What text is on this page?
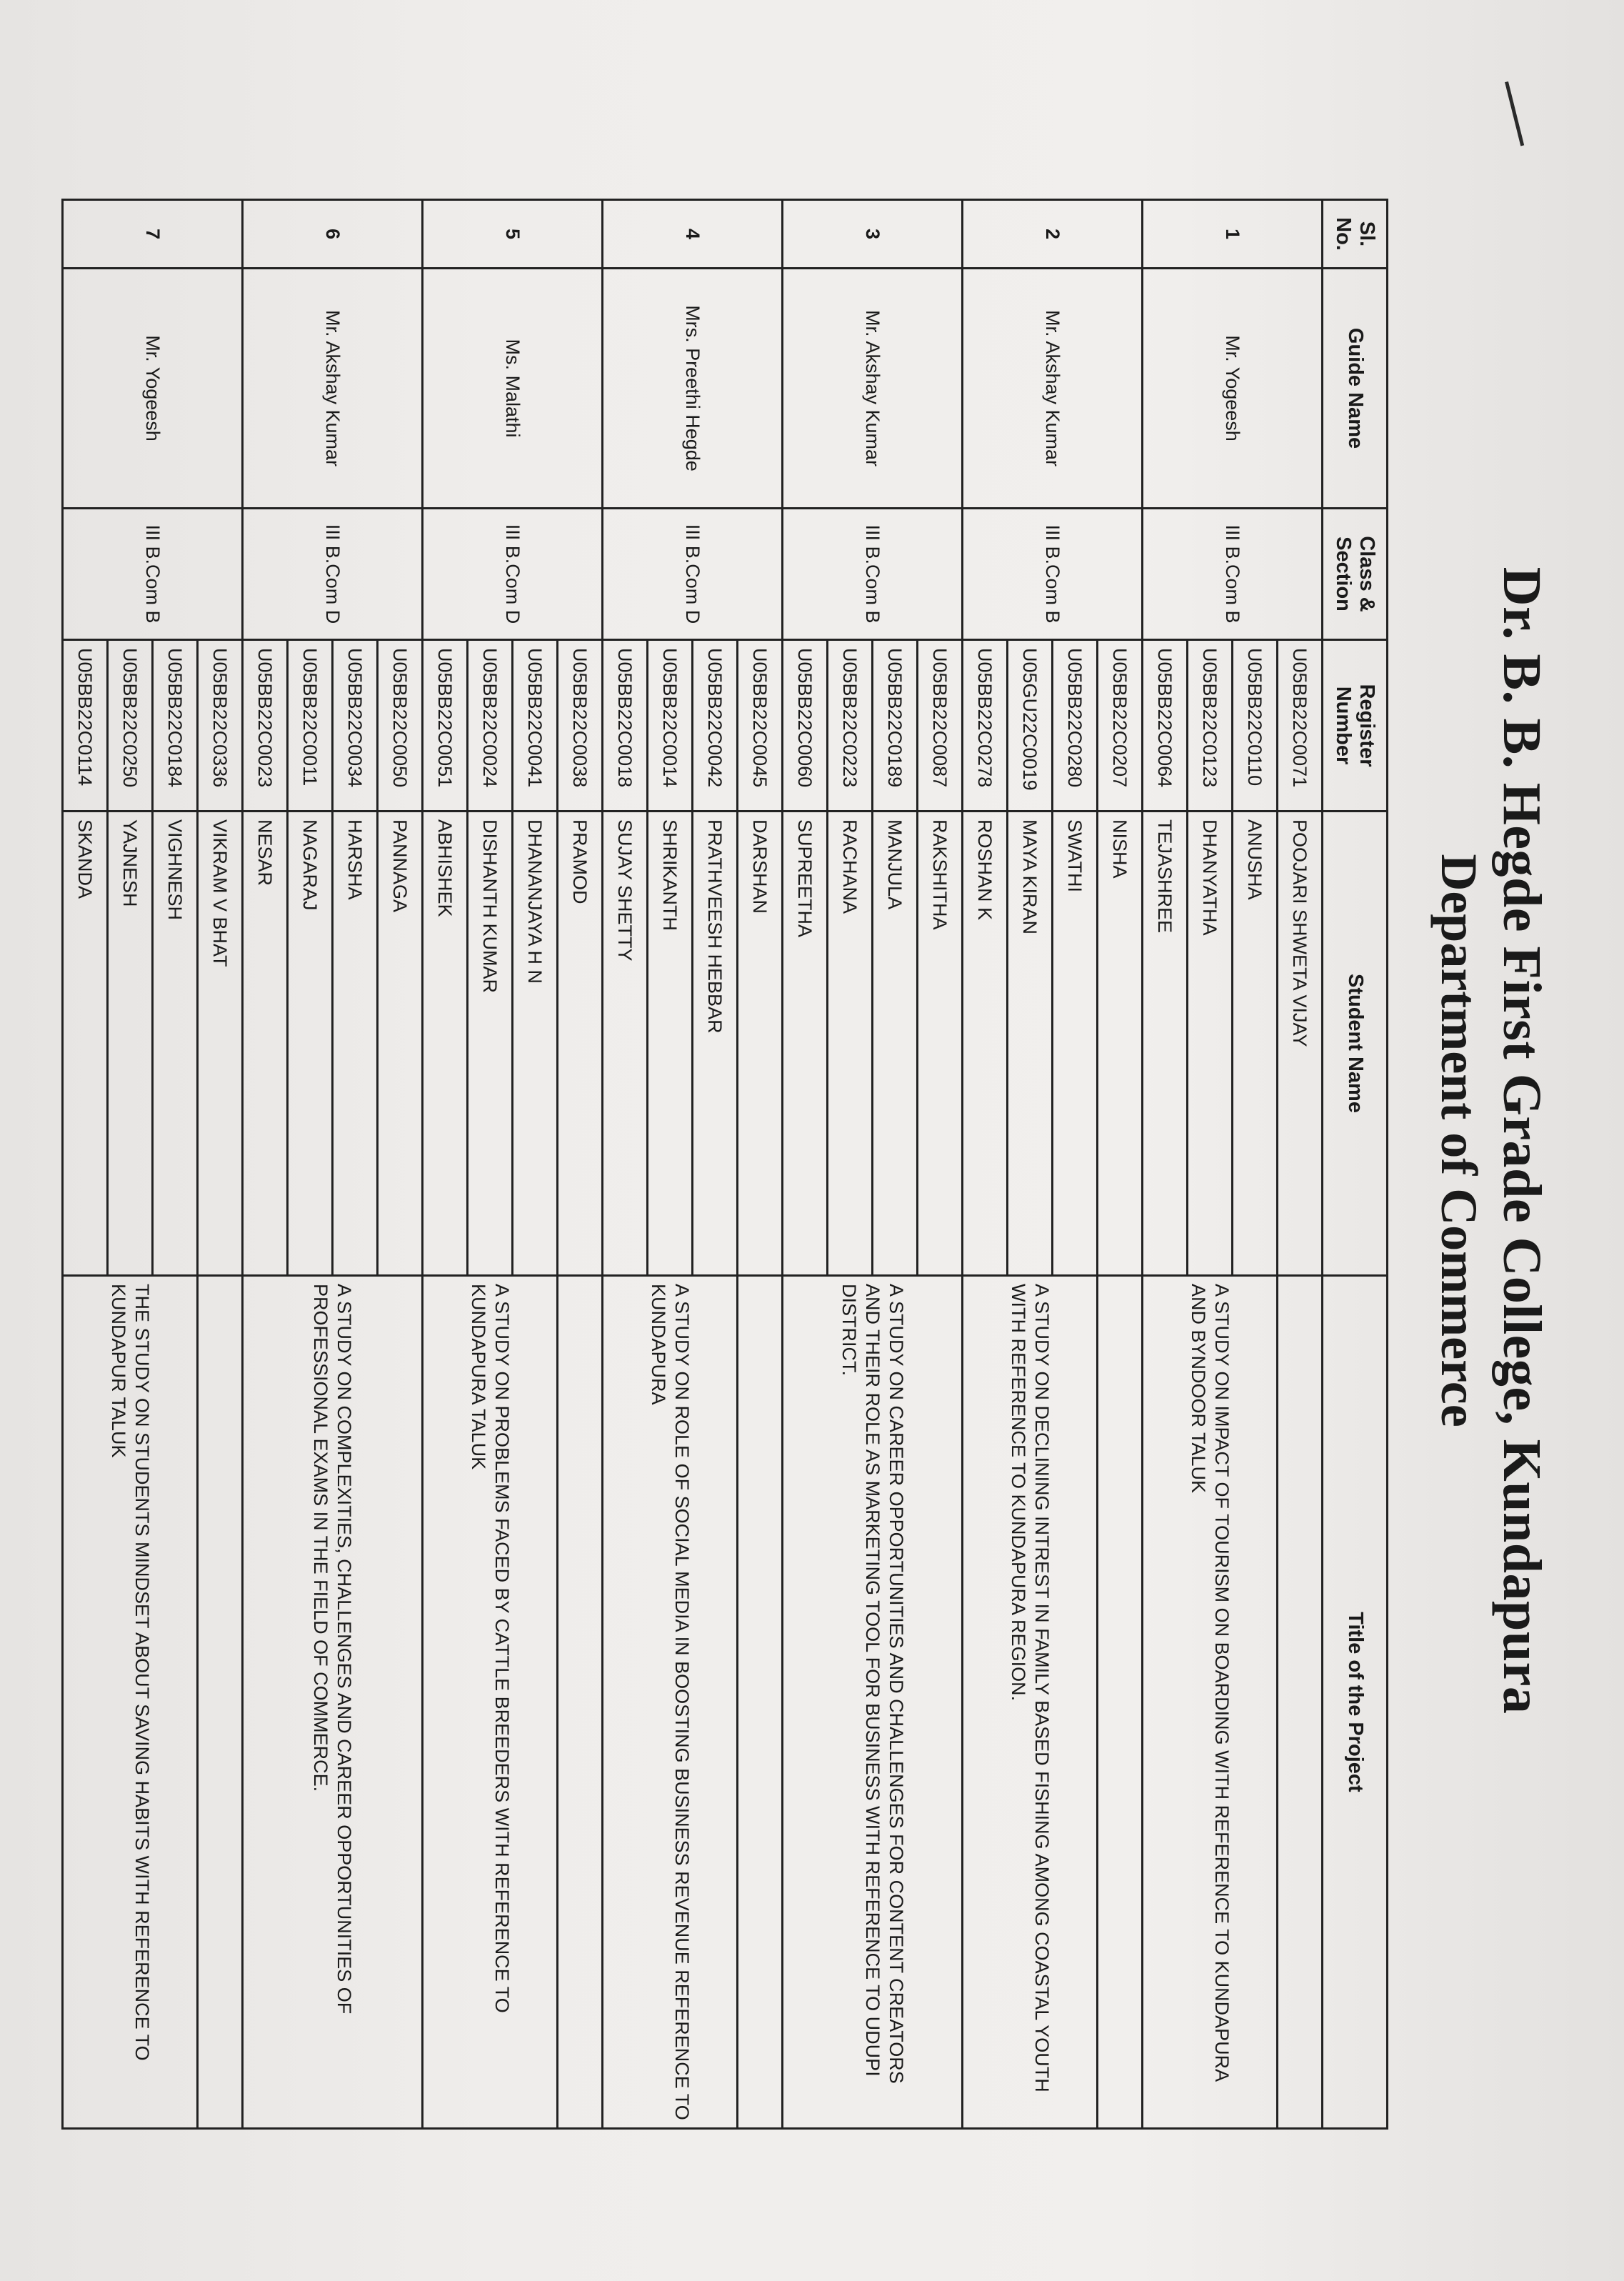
Dr. B. B. Hegde First Grade College, Kundapura
Department of Commerce
Sl. No.	Guide Name	Class & Section	Register Number	Student Name	Title of the Project
1	Mr. Yogeesh	III B.Com B	U05BB22C0071	POOJARI SHWETA VIJAY	
			U05BB22C0110	ANUSHA	A STUDY ON IMPACT OF TOURISM ON BOARDING WITH REFERENCE TO KUNDAPURA AND BYNDOOR TALUK
			U05BB22C0123	DHANYATHA	
			U05BB22C0064	TEJASHREE	
2	Mr. Akshay Kumar	III B.Com B	U05BB22C0207	NISHA	
			U05BB22C0280	SWATHI	A STUDY ON DECLINING INTREST IN FAMILY BASED FISHING AMONG COASTAL YOUTH WITH REFERENCE TO KUNDAPURA REGION.
			U05GU22C0019	MAYA KIRAN	
			U05BB22C0278	ROSHAN K	
3	Mr. Akshay Kumar	III B.Com B	U05BB22C0087	RAKSHITHA	A STUDY ON CAREER OPPORTUNITIES AND CHALLENGES FOR CONTENT CREATORS AND THEIR ROLE AS MARKETING TOOL FOR BUSINESS WITH REFERENCE TO UDUPI DISTRICT.
			U05BB22C0189	MANJULA	
			U05BB22C0223	RACHANA	
			U05BB22C0060	SUPREETHA	
4	Mrs. Preethi Hegde	III B.Com D	U05BB22C0045	DARSHAN	
			U05BB22C0042	PRATHVEESH HEBBAR	A STUDY ON ROLE OF SOCIAL MEDIA IN BOOSTING BUSINESS REVENUE REFERENCE TO KUNDAPURA
			U05BB22C0014	SHRIKANTH	
			U05BB22C0018	SUJAY SHETTY	
5	Ms. Malathi	III B.Com D	U05BB22C0038	PRAMOD	
			U05BB22C0041	DHANANJAYA H N	A STUDY ON PROBLEMS FACED BY CATTLE BREEDERS WITH REFERENCE TO KUNDAPURA TALUK
			U05BB22C0024	DISHANTH KUMAR	
			U05BB22C0051	ABHISHEK	
6	Mr. Akshay Kumar	III B.Com D	U05BB22C0050	PANNAGA	A STUDY ON COMPLEXITIES, CHALLENGES AND CAREER OPPORTUNITIES OF PROFESSIONAL EXAMS IN THE FIELD OF COMMERCE.
			U05BB22C0034	HARSHA	
			U05BB22C0011	NAGARAJ	
			U05BB22C0023	NESAR	
7	Mr. Yogeesh	III B.Com B	U05BB22C0336	VIKRAM V BHAT	
			U05BB22C0184	VIGHNESH	THE STUDY ON STUDENTS MINDSET ABOUT SAVING HABITS WITH REFERENCE TO KUNDAPUR TALUK
			U05BB22C0250	YAJNESH	
			U05BB22C0114	SKANDA	
